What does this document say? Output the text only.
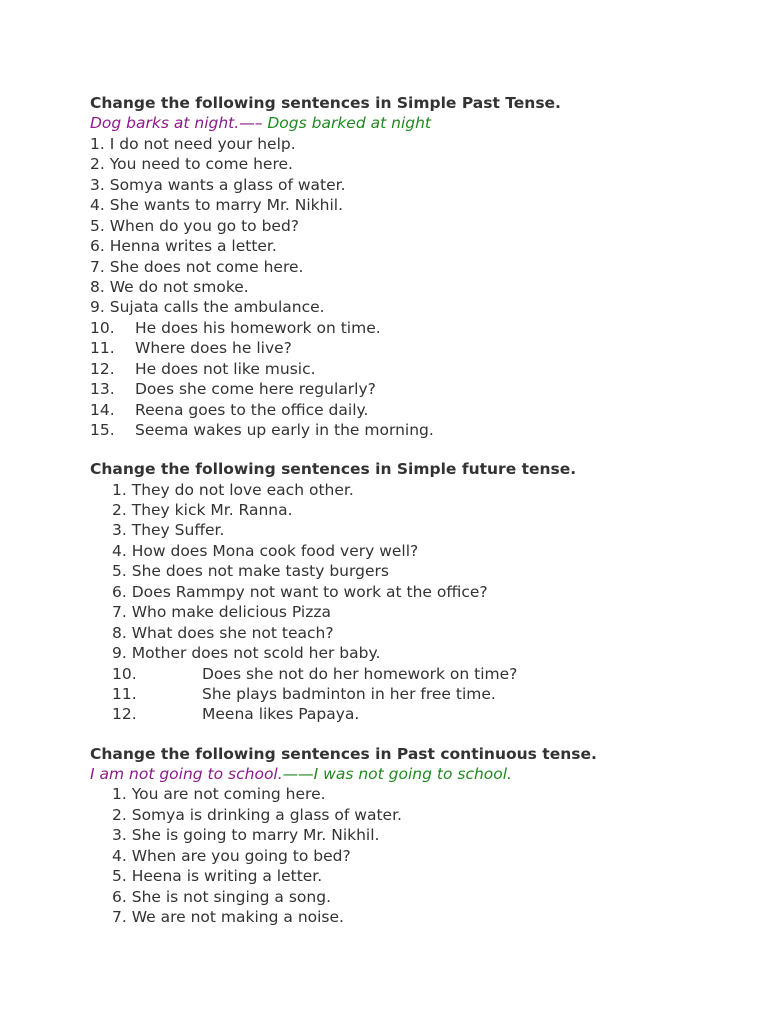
Change the following sentences in Simple Past Tense.
Dog barks at night.—– Dogs barked at night
1. I do not need your help.
2. You need to come here.
3. Somya wants a glass of water.
4. She wants to marry Mr. Nikhil.
5. When do you go to bed?
6. Henna writes a letter.
7. She does not come here.
8. We do not smoke.
9. Sujata calls the ambulance.
10. He does his homework on time.
11. Where does he live?
12. He does not like music.
13. Does she come here regularly?
14. Reena goes to the office daily.
15. Seema wakes up early in the morning.
Change the following sentences in Simple future tense.
1. They do not love each other.
2. They kick Mr. Ranna.
3. They Suffer.
4. How does Mona cook food very well?
5. She does not make tasty burgers
6. Does Rammpy not want to work at the office?
7. Who make delicious Pizza
8. What does she not teach?
9. Mother does not scold her baby.
10.	Does she not do her homework on time?
11.	She plays badminton in her free time.
12.	Meena likes Papaya.
Change the following sentences in Past continuous tense.
I am not going to school.——I was not going to school.
1. You are not coming here.
2. Somya is drinking a glass of water.
3. She is going to marry Mr. Nikhil.
4. When are you going to bed?
5. Heena is writing a letter.
6. She is not singing a song.
7. We are not making a noise.
